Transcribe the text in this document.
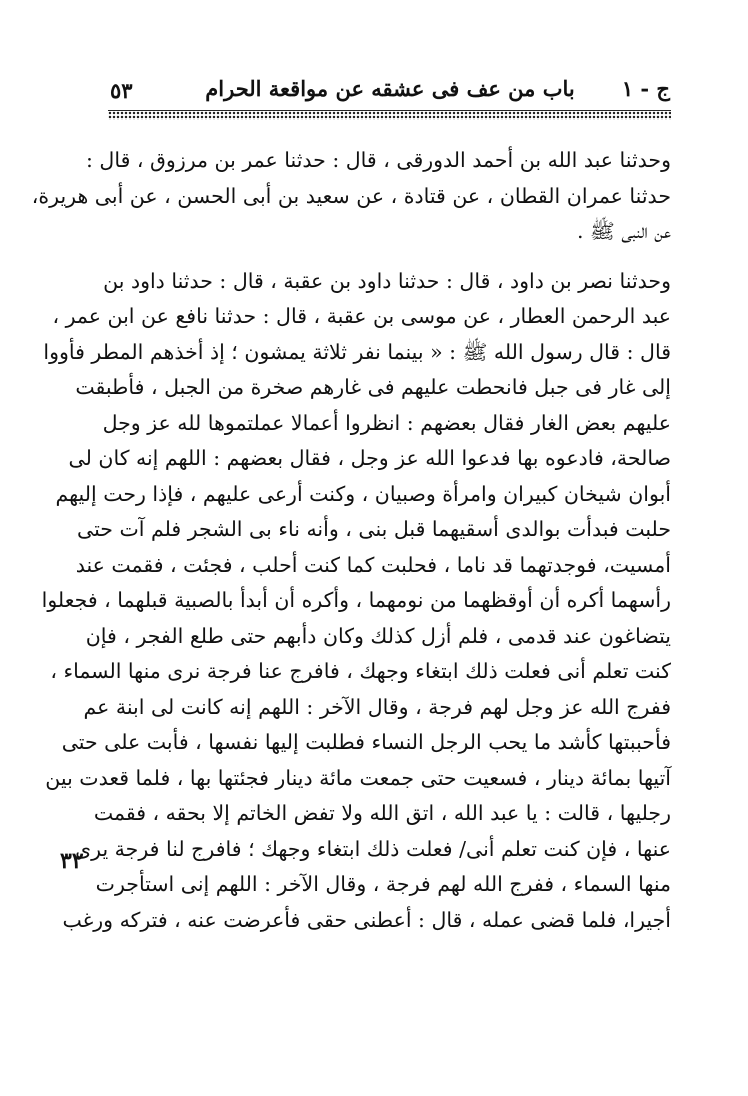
ج - ١
باب من عف فى عشقه عن مواقعة الحرام
٥٣
وحدثنا عبد الله بن أحمد الدورقى ، قال : حدثنا عمر بن مرزوق ، قال :
حدثنا عمران القطان ، عن قتادة ، عن سعيد بن أبى الحسن ، عن أبى هريرة،
عن النبى ﷺ .
وحدثنا نصر بن داود ، قال : حدثنا داود بن عقبة ، قال : حدثنا داود بن
عبد الرحمن العطار ، عن موسى بن عقبة ، قال : حدثنا نافع عن ابن عمر ،
قال : قال رسول الله ﷺ : « بينما نفر ثلاثة يمشون ؛ إذ أخذهم المطر فأووا
إلى غار فى جبل فانحطت عليهم فى غارهم صخرة من الجبل ، فأطبقت
عليهم بعض الغار فقال بعضهم : انظروا أعمالا عملتموها لله عز وجل
صالحة، فادعوه بها فدعوا الله عز وجل ، فقال بعضهم : اللهم إنه كان لى
أبوان شيخان كبيران وامرأة وصبيان ، وكنت أرعى عليهم ، فإذا رحت إليهم
حلبت فبدأت بوالدى أسقيهما قبل بنى ، وأنه ناء بى الشجر فلم آت حتى
أمسيت، فوجدتهما قد ناما ، فحلبت كما كنت أحلب ، فجئت ، فقمت عند
رأسهما أكره أن أوقظهما من نومهما ، وأكره أن أبدأ بالصبية قبلهما ، فجعلوا
يتضاغون عند قدمى ، فلم أزل كذلك وكان دأبهم حتى طلع الفجر ، فإن
كنت تعلم أنى فعلت ذلك ابتغاء وجهك ، فافرج عنا فرجة نرى منها السماء ،
ففرج الله عز وجل لهم فرجة ، وقال الآخر : اللهم إنه كانت لى ابنة عم
فأحببتها كأشد ما يحب الرجل النساء فطلبت إليها نفسها ، فأبت على حتى
آتيها بمائة دينار ، فسعيت حتى جمعت مائة دينار فجئتها بها ، فلما قعدت بين
رجليها ، قالت : يا عبد الله ، اتق الله ولا تفض الخاتم إلا بحقه ، فقمت
عنها ، فإن كنت تعلم أنى/ فعلت ذلك ابتغاء وجهك ؛ فافرج لنا فرجة يرى
منها السماء ، ففرج الله لهم فرجة ، وقال الآخر : اللهم إنى استأجرت
أجيرا، فلما قضى عمله ، قال : أعطنى حقى فأعرضت عنه ، فتركه ورغب
٣٢
